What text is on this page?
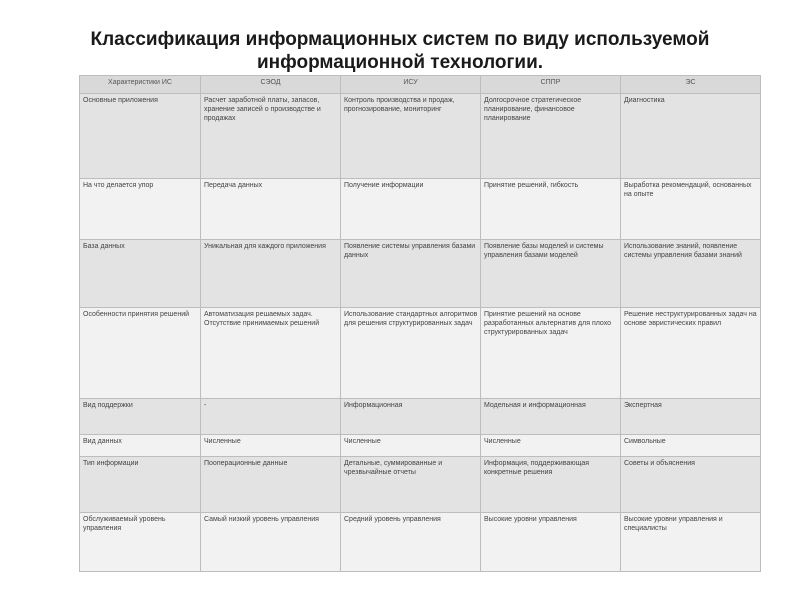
Классификация информационных систем по виду используемой
информационной технологии.
Характеристики ИС	СЭОД	ИСУ	СППР	ЭС
Основные приложения	Расчет заработной платы, запасов, хранение записей о производстве и продажах	Контроль производства и продаж, прогнозирование, мониторинг	Долгосрочное стратегическое планирование, финансовое планирование	Диагностика
На что делается упор	Передача данных	Получение информации	Принятие решений, гибкость	Выработка рекомендаций, основанных на опыте
База данных	Уникальная для каждого приложения	Появление системы управления базами данных	Появление базы моделей и системы управления базами моделей	Использование знаний, появление системы управления базами знаний
Особенности принятия решений	Автоматизация решаемых задач. Отсутствие принимаемых решений	Использование стандартных алгоритмов для решения структурированных задач	Принятие решений на основе разработанных альтернатив для плохо структурированных задач	Решение неструктурированных задач на основе эвристических правил
Вид поддержки	-	Информационная	Модельная и информационная	Экспертная
Вид данных	Численные	Численные	Численные	Символьные
Тип информации	Пооперационные данные	Детальные, суммированные и чрезвычайные отчеты	Информация, поддерживающая конкретные решения	Советы и объяснения
Обслуживаемый уровень управления	Самый низкий уровень управления	Средний уровень управления	Высокие уровни управления	Высокие уровни управления и специалисты
